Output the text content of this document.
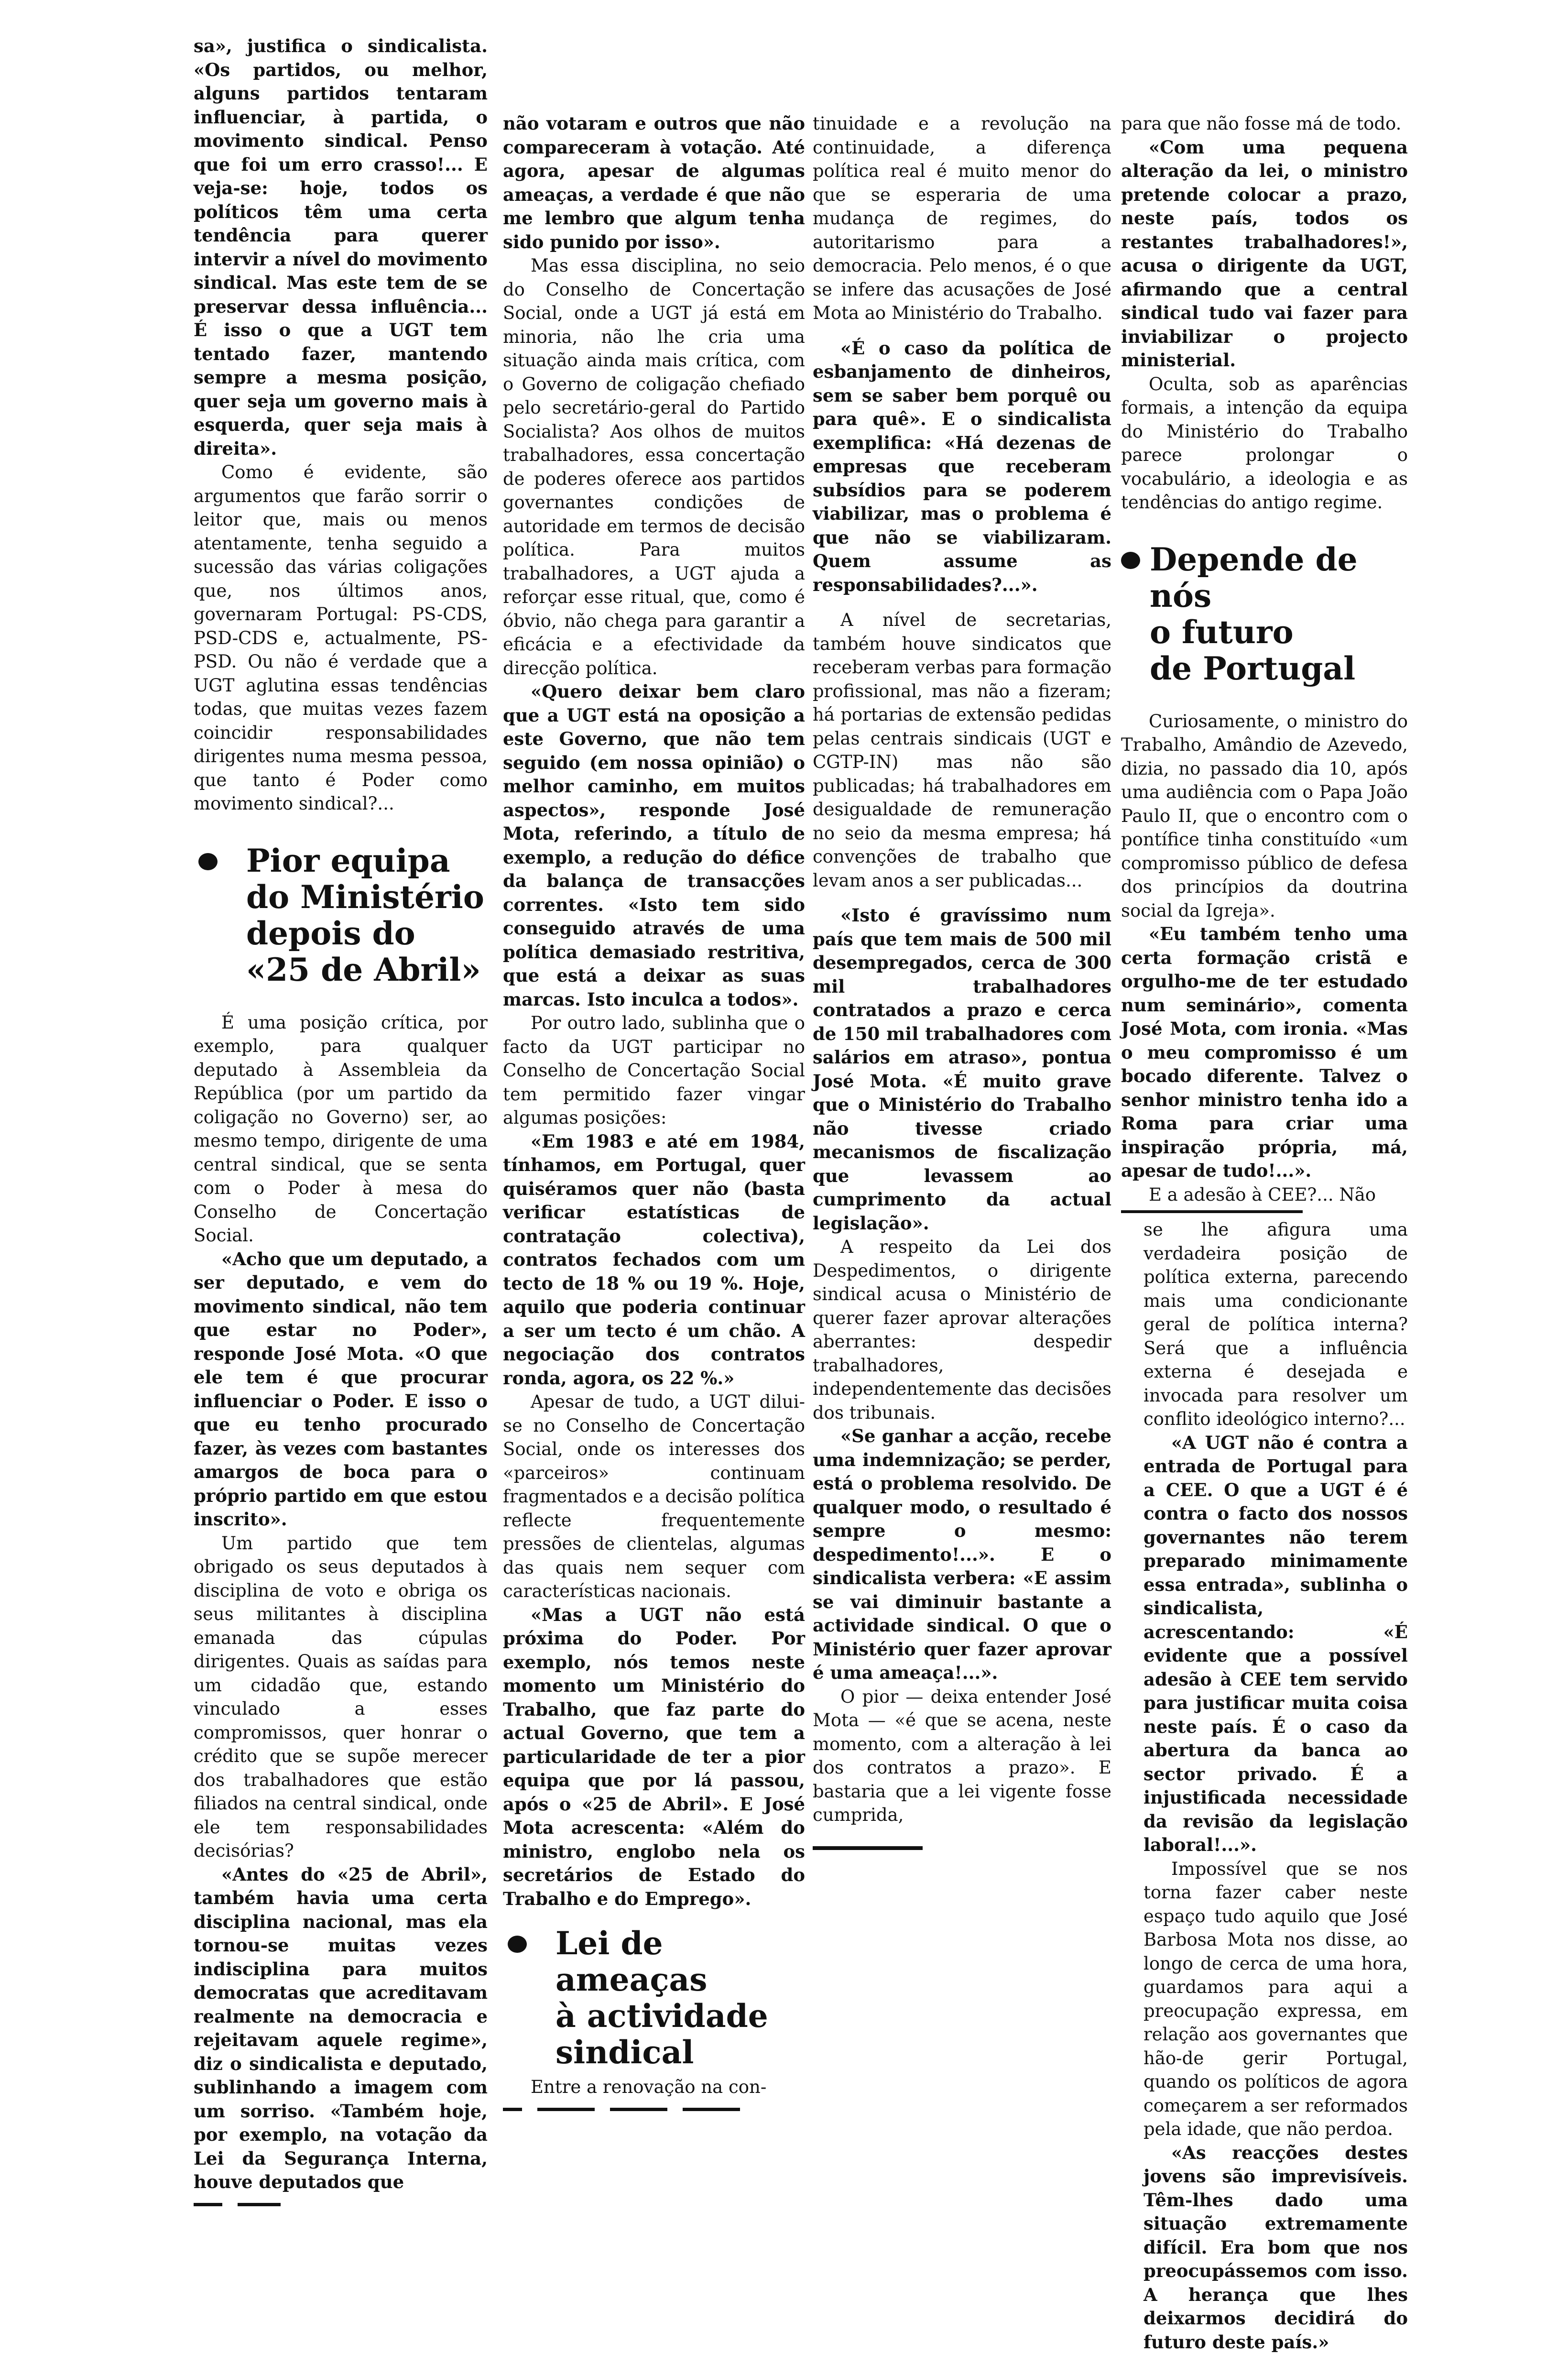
sa», justifica o sindicalista. «Os partidos, ou melhor, alguns partidos tentaram influenciar, à partida, o movimento sindical. Penso que foi um erro crasso!... E veja-se: hoje, todos os políticos têm uma certa tendência para querer intervir a nível do movimento sindical. Mas este tem de se preservar dessa influência... É isso o que a UGT tem tentado fazer, mantendo sempre a mesma posição, quer seja um governo mais à esquerda, quer seja mais à direita».

Como é evidente, são argumentos que farão sorrir o leitor que, mais ou menos atentamente, tenha seguido a sucessão das várias coligações que, nos últimos anos, governaram Portugal: PS-CDS, PSD-CDS e, actualmente, PS-PSD. Ou não é verdade que a UGT aglutina essas tendências todas, que muitas vezes fazem coincidir responsabilidades dirigentes numa mesma pessoa, que tanto é Poder como movimento sindical?...

Pior equipa
do Ministério
depois do
«25 de Abril»

É uma posição crítica, por exemplo, para qualquer deputado à Assembleia da República (por um partido da coligação no Governo) ser, ao mesmo tempo, dirigente de uma central sindical, que se senta com o Poder à mesa do Conselho de Concertação Social.

«Acho que um deputado, a ser deputado, e vem do movimento sindical, não tem que estar no Poder», responde José Mota. «O que ele tem é que procurar influenciar o Poder. E isso o que eu tenho procurado fazer, às vezes com bastantes amargos de boca para o próprio partido em que estou inscrito».

Um partido que tem obrigado os seus deputados à disciplina de voto e obriga os seus militantes à disciplina emanada das cúpulas dirigentes. Quais as saídas para um cidadão que, estando vinculado a esses compromissos, quer honrar o crédito que se supõe merecer dos trabalhadores que estão filiados na central sindical, onde ele tem responsabilidades decisórias?

«Antes do «25 de Abril», também havia uma certa disciplina nacional, mas ela tornou-se muitas vezes indisciplina para muitos democratas que acreditavam realmente na democracia e rejeitavam aquele regime», diz o sindicalista e deputado, sublinhando a imagem com um sorriso. «Também hoje, por exemplo, na votação da Lei da Segurança Interna, houve deputados que

não votaram e outros que não compareceram à votação. Até agora, apesar de algumas ameaças, a verdade é que não me lembro que algum tenha sido punido por isso».

Mas essa disciplina, no seio do Conselho de Concertação Social, onde a UGT já está em minoria, não lhe cria uma situação ainda mais crítica, com o Governo de coligação chefiado pelo secretário-geral do Partido Socialista? Aos olhos de muitos trabalhadores, essa concertação de poderes oferece aos partidos governantes condições de autoridade em termos de decisão política. Para muitos trabalhadores, a UGT ajuda a reforçar esse ritual, que, como é óbvio, não chega para garantir a eficácia e a efectividade da direcção política.

«Quero deixar bem claro que a UGT está na oposição a este Governo, que não tem seguido (em nossa opinião) o melhor caminho, em muitos aspectos», responde José Mota, referindo, a título de exemplo, a redução do défice da balança de transacções correntes. «Isto tem sido conseguido através de uma política demasiado restritiva, que está a deixar as suas marcas. Isto inculca a todos».

Por outro lado, sublinha que o facto da UGT participar no Conselho de Concertação Social tem permitido fazer vingar algumas posições:

«Em 1983 e até em 1984, tínhamos, em Portugal, quer quiséramos quer não (basta verificar estatísticas de contratação colectiva), contratos fechados com um tecto de 18 % ou 19 %. Hoje, aquilo que poderia continuar a ser um tecto é um chão. A negociação dos contratos ronda, agora, os 22 %.»

Apesar de tudo, a UGT dilui-se no Conselho de Concertação Social, onde os interesses dos «parceiros» continuam fragmentados e a decisão política reflecte frequentemente pressões de clientelas, algumas das quais nem sequer com características nacionais.

«Mas a UGT não está próxima do Poder. Por exemplo, nós temos neste momento um Ministério do Trabalho, que faz parte do actual Governo, que tem a particularidade de ter a pior equipa que por lá passou, após o «25 de Abril». E José Mota acrescenta: «Além do ministro, englobo nela os secretários de Estado do Trabalho e do Emprego».

Lei de ameaças
à actividade
sindical

Entre a renovação na con-

tinuidade e a revolução na continuidade, a diferença política real é muito menor do que se esperaria de uma mudança de regimes, do autoritarismo para a democracia. Pelo menos, é o que se infere das acusações de José Mota ao Ministério do Trabalho.

«É o caso da política de esbanjamento de dinheiros, sem se saber bem porquê ou para quê». E o sindicalista exemplifica: «Há dezenas de empresas que receberam subsídios para se poderem viabilizar, mas o problema é que não se viabilizaram. Quem assume as responsabilidades?...».

A nível de secretarias, também houve sindicatos que receberam verbas para formação profissional, mas não a fizeram; há portarias de extensão pedidas pelas centrais sindicais (UGT e CGTP-IN) mas não são publicadas; há trabalhadores em desigualdade de remuneração no seio da mesma empresa; há convenções de trabalho que levam anos a ser publicadas...

«Isto é gravíssimo num país que tem mais de 500 mil desempregados, cerca de 300 mil trabalhadores contratados a prazo e cerca de 150 mil trabalhadores com salários em atraso», pontua José Mota. «É muito grave que o Ministério do Trabalho não tivesse criado mecanismos de fiscalização que levassem ao cumprimento da actual legislação».

A respeito da Lei dos Despedimentos, o dirigente sindical acusa o Ministério de querer fazer aprovar alterações aberrantes: despedir trabalhadores, independentemente das decisões dos tribunais.

«Se ganhar a acção, recebe uma indemnização; se perder, está o problema resolvido. De qualquer modo, o resultado é sempre o mesmo: despedimento!...». E o sindicalista verbera: «E assim se vai diminuir bastante a actividade sindical. O que o Ministério quer fazer aprovar é uma ameaça!...».

O pior — deixa entender José Mota — «é que se acena, neste momento, com a alteração à lei dos contratos a prazo». E bastaria que a lei vigente fosse cumprida,

para que não fosse má de todo.

«Com uma pequena alteração da lei, o ministro pretende colocar a prazo, neste país, todos os restantes trabalhadores!», acusa o dirigente da UGT, afirmando que a central sindical tudo vai fazer para inviabilizar o projecto ministerial.

Oculta, sob as aparências formais, a intenção da equipa do Ministério do Trabalho parece prolongar o vocabulário, a ideologia e as tendências do antigo regime.

Depende de nós
o futuro
de Portugal

Curiosamente, o ministro do Trabalho, Amândio de Azevedo, dizia, no passado dia 10, após uma audiência com o Papa João Paulo II, que o encontro com o pontífice tinha constituído «um compromisso público de defesa dos princípios da doutrina social da Igreja».

«Eu também tenho uma certa formação cristã e orgulho-me de ter estudado num seminário», comenta José Mota, com ironia. «Mas o meu compromisso é um bocado diferente. Talvez o senhor ministro tenha ido a Roma para criar uma inspiração própria, má, apesar de tudo!...».

E a adesão à CEE?... Não

se lhe afigura uma verdadeira posição de política externa, parecendo mais uma condicionante geral de política interna? Será que a influência externa é desejada e invocada para resolver um conflito ideológico interno?...

«A UGT não é contra a entrada de Portugal para a CEE. O que a UGT é é contra o facto dos nossos governantes não terem preparado minimamente essa entrada», sublinha o sindicalista, acrescentando: «É evidente que a possível adesão à CEE tem servido para justificar muita coisa neste país. É o caso da abertura da banca ao sector privado. É a injustificada necessidade da revisão da legislação laboral!...».

Impossível que se nos torna fazer caber neste espaço tudo aquilo que José Barbosa Mota nos disse, ao longo de cerca de uma hora, guardamos para aqui a preocupação expressa, em relação aos governantes que hão-de gerir Portugal, quando os políticos de agora começarem a ser reformados pela idade, que não perdoa.

«As reacções destes jovens são imprevisíveis. Têm-lhes dado uma situação extremamente difícil. Era bom que nos preocupássemos com isso. A herança que lhes deixarmos decidirá do futuro deste país.»
